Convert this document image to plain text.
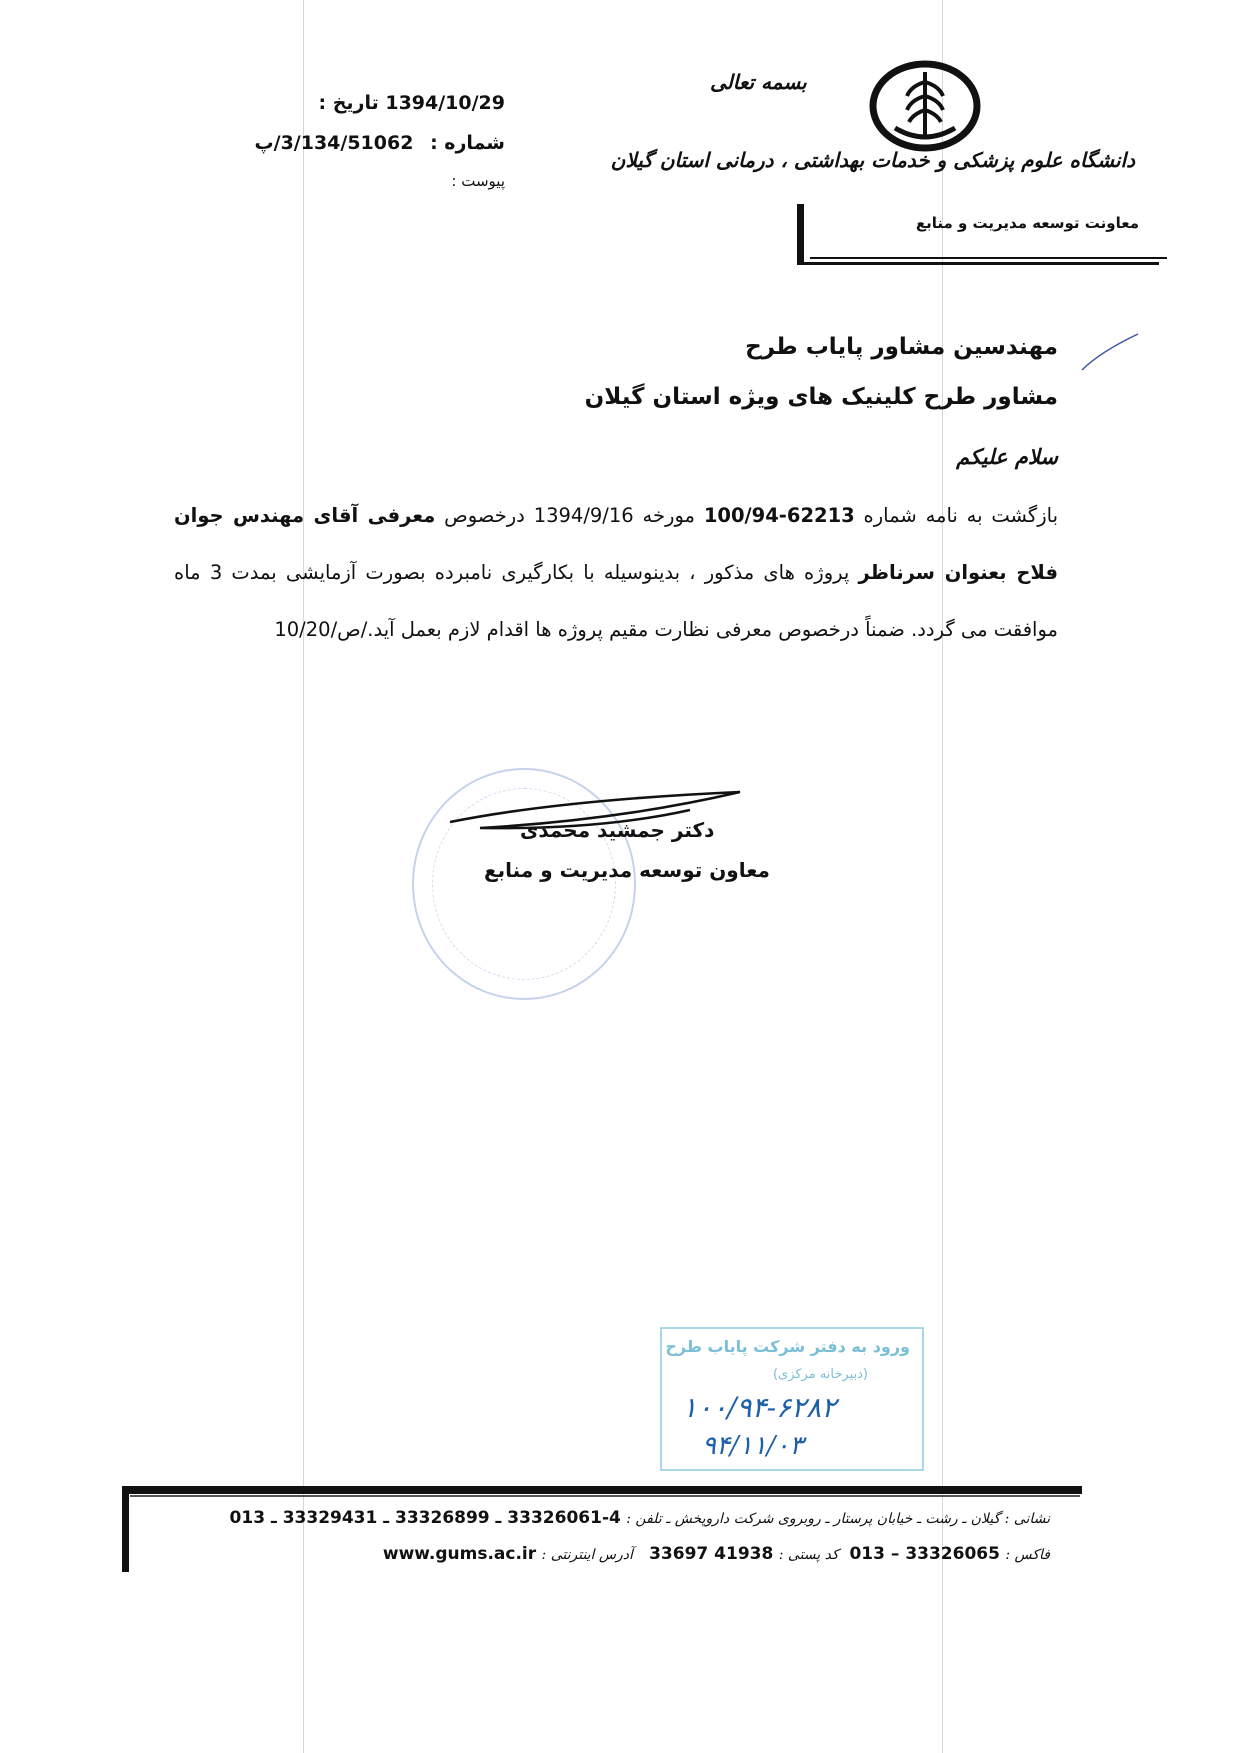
تاریخ : 1394/10/29
شماره : 3/134/51062/پ
پیوست :
بسمه تعالی
دانشگاه علوم پزشکی و خدمات بهداشتی ، درمانی استان گیلان
معاونت توسعه مدیریت و منابع
مهندسین مشاور پایاب طرح
مشاور طرح کلینیک های ویژه استان گیلان
سلام علیکم
بازگشت به نامه شماره 62213-100/94 مورخه 1394/9/16 درخصوص معرفی آقای مهندس جوان فلاح بعنوان سرناظر پروژه های مذکور ، بدینوسیله با بکارگیری نامبرده بصورت آزمایشی بمدت 3 ماه موافقت می گردد. ضمناً درخصوص معرفی نظارت مقیم پروژه ها اقدام لازم بعمل آید./ص/10/20
دکتر جمشید محمدی
معاون توسعه مدیریت و منابع
ورود به دفتر شرکت پایاب طرح
(دبیرخانه مرکزی)
۱۰۰/۹۴-۶۲۸۲
۹۴/۱۱/۰۳
نشانی : گیلان ـ رشت ـ خیابان پرستار ـ روبروی شرکت داروپخش ـ تلفن : 4-33326061 ـ 33326899 ـ 33329431 ـ 013
فاکس : 33326065 – 013  کد پستی : 41938 33697   آدرس اینترنتی : www.gums.ac.ir
